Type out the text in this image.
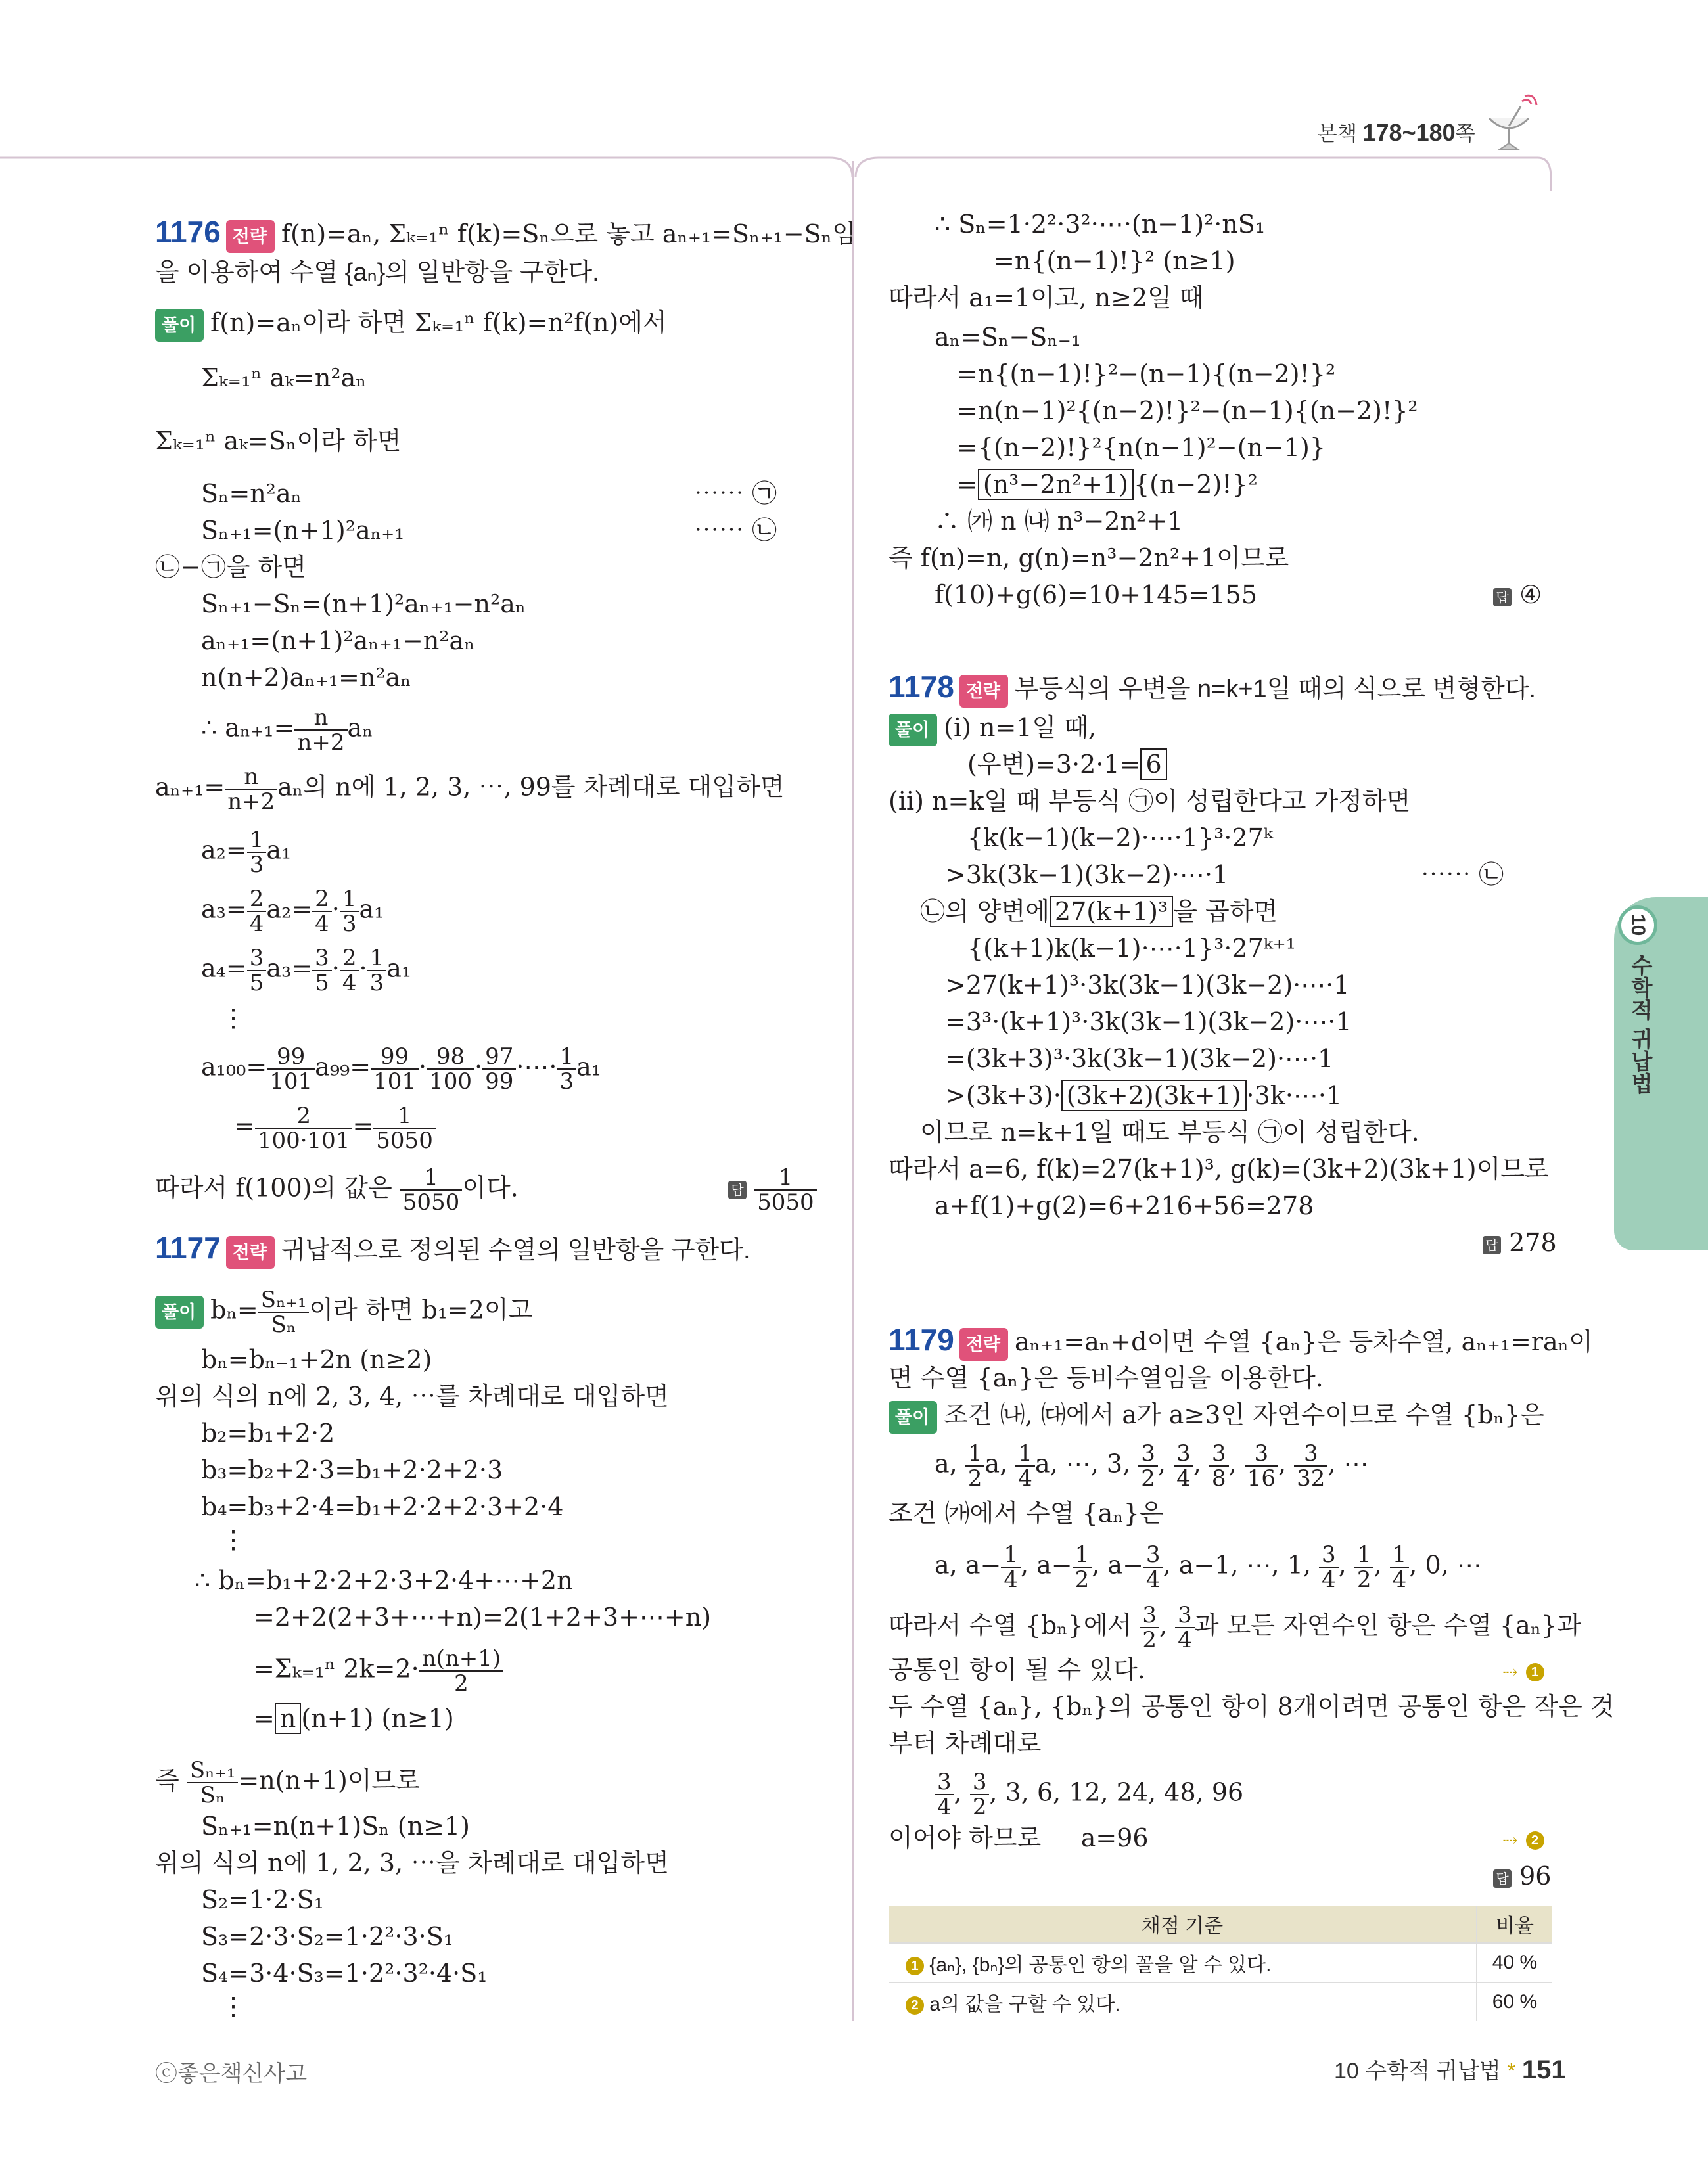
본책 178~180쪽
10
수학적 귀납법
1176 전략 f(n)=aₙ, Σₖ₌₁ⁿ f(k)=Sₙ으로 놓고 aₙ₊₁=Sₙ₊₁−Sₙ임
을 이용하여 수열 {aₙ}의 일반항을 구한다.
풀이 f(n)=aₙ이라 하면 Σₖ₌₁ⁿ f(k)=n²f(n)에서
Σₖ₌₁ⁿ aₖ=n²aₙ
Σₖ₌₁ⁿ aₖ=Sₙ이라 하면
Sₙ=n²aₙ	⋯⋯ ㉠
Sₙ₊₁=(n+1)²aₙ₊₁	⋯⋯ ㉡
㉡−㉠을 하면
Sₙ₊₁−Sₙ=(n+1)²aₙ₊₁−n²aₙ
aₙ₊₁=(n+1)²aₙ₊₁−n²aₙ
n(n+2)aₙ₊₁=n²aₙ
∴ $a_{n+1}= \frac{n}{n+2}$ aₙ
$a_{n+1}= \frac{n}{n+2}$ aₙ의 n에 1, 2, 3, ⋯, 99를 차례대로 대입하면
$a_2= \frac{1}{3} a_1$
$a_3= \frac{2}{4} a_2= \frac{2}{4} \cdot \frac{1}{3} a_1$
$a_4= \frac{3}{5} a_3= \frac{3}{5} \cdot \frac{2}{4} \cdot \frac{1}{3} a_1$
⋮
$a_{100}= \frac{99}{101} a_{99}= \frac{99}{101} \cdot \frac{98}{100} \cdot \frac{97}{99}$ ·⋯· $\frac{1}{3} a_1$
= $\frac{2}{100\cdot 101} = \frac{1}{5050}$
따라서 f(100)의 값은 $\frac{1}{5050}$ 이다.	답 $\frac{1}{5050}$
1177 전략 귀납적으로 정의된 수열의 일반항을 구한다.
풀이 $b_n= \frac{\text{Sₙ₊₁}}{\text{Sₙ}}$ 이라 하면 b₁=2이고
bₙ=bₙ₋₁+2n (n≥2)
위의 식의 n에 2, 3, 4, ⋯를 차례대로 대입하면
b₂=b₁+2·2
b₃=b₂+2·3=b₁+2·2+2·3
b₄=b₃+2·4=b₁+2·2+2·3+2·4
⋮
∴ bₙ=b₁+2·2+2·3+2·4+⋯+2n
=2+2(2+3+⋯+n)=2(1+2+3+⋯+n)
=Σₖ₌₁ⁿ $2k=2\cdot \frac{n(n+1)}{2}$
= n (n+1) (n≥1)
즉 $\frac{\text{Sₙ₊₁}}{\text{Sₙ}} =n(n+1)$이므로
Sₙ₊₁=n(n+1)Sₙ (n≥1)
위의 식의 n에 1, 2, 3, ⋯을 차례대로 대입하면
S₂=1·2·S₁
S₃=2·3·S₂=1·2²·3·S₁
S₄=3·4·S₃=1·2²·3²·4·S₁
⋮
∴ Sₙ=1·2²·3²·⋯·(n−1)²·nS₁
=n{(n−1)!}² (n≥1)
따라서 a₁=1이고, n≥2일 때
aₙ=Sₙ−Sₙ₋₁
=n{(n−1)!}²−(n−1){(n−2)!}²
=n(n−1)²{(n−2)!}²−(n−1){(n−2)!}²
={(n−2)!}²{n(n−1)²−(n−1)}
= (n³−2n²+1) {(n−2)!}²
∴ ㈎ n ㈏ n³−2n²+1
즉 f(n)=n, g(n)=n³−2n²+1이므로
f(10)+g(6)=10+145=155	답 ④
1178 전략 부등식의 우변을 n=k+1일 때의 식으로 변형한다.
풀이 (i) n=1일 때,
(우변)=3·2·1= 6
(ii) n=k일 때 부등식 ㉠이 성립한다고 가정하면
{k(k−1)(k−2)·⋯·1}³·27ᵏ
>3k(3k−1)(3k−2)·⋯·1	⋯⋯ ㉡
㉡의 양변에 27(k+1)³ 을 곱하면
{(k+1)k(k−1)·⋯·1}³·27ᵏ⁺¹
>27(k+1)³·3k(3k−1)(3k−2)·⋯·1
=3³·(k+1)³·3k(3k−1)(3k−2)·⋯·1
=(3k+3)³·3k(3k−1)(3k−2)·⋯·1
>(3k+3)· (3k+2)(3k+1) ·3k·⋯·1
이므로 n=k+1일 때도 부등식 ㉠이 성립한다.
따라서 a=6, f(k)=27(k+1)³, g(k)=(3k+2)(3k+1)이므로
a+f(1)+g(2)=6+216+56=278
답 278
1179 전략 aₙ₊₁=aₙ+d이면 수열 {aₙ}은 등차수열, aₙ₊₁=raₙ이
면 수열 {aₙ}은 등비수열임을 이용한다.
풀이 조건 ㈏, ㈐에서 a가 a≥3인 자연수이므로 수열 {bₙ}은
a, $\frac{1}{2} a$, $\frac{1}{4} a$, ⋯, 3, $\frac{3}{2}$ , $\frac{3}{4}$ , $\frac{3}{8}$ , $\frac{3}{16}$ , $\frac{3}{32}$ , ⋯
조건 ㈎에서 수열 {aₙ}은
a, $a- \frac{1}{4}$ , $a- \frac{1}{2}$ , $a- \frac{3}{4}$ , a−1, ⋯, 1, $\frac{3}{4}$ , $\frac{1}{2}$ , $\frac{1}{4}$ , 0, ⋯
따라서 수열 {bₙ}에서 $\frac{3}{2}$ , $\frac{3}{4}$ 과 모든 자연수인 항은 수열 {aₙ}과
공통인 항이 될 수 있다.	⇢ 1
두 수열 {aₙ}, {bₙ}의 공통인 항이 8개이려면 공통인 항은 작은 것
부터 차례대로
$\frac{3}{4}$ , $\frac{3}{2}$ , 3, 6, 12, 24, 48, 96
이어야 하므로 a=96	⇢ 2
답 96
채점 기준	비율
1 {aₙ}, {bₙ}의 공통인 항의 꼴을 알 수 있다.	40 %
2 a의 값을 구할 수 있다.	60 %
ⓒ좋은책신사고	10 수학적 귀납법 * 151
